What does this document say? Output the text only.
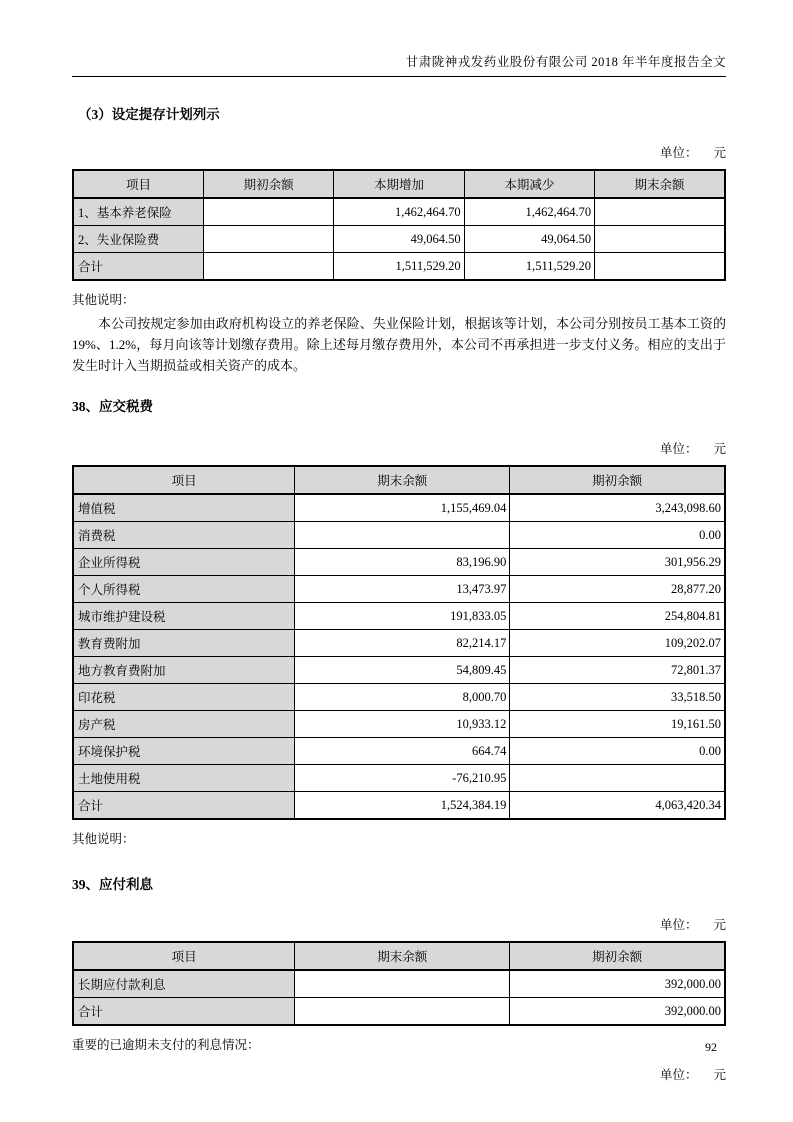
甘肃陇神戎发药业股份有限公司 2018 年半年度报告全文
（3）设定提存计划列示
单位： 元
项目	期初余额	本期增加	本期减少	期末余额
1、基本养老保险		1,462,464.70	1,462,464.70	
2、失业保险费		49,064.50	49,064.50	
合计		1,511,529.20	1,511,529.20	
其他说明：
本公司按规定参加由政府机构设立的养老保险、失业保险计划，根据该等计划，本公司分别按员工基本工资的19%、1.2%，每月向该等计划缴存费用。除上述每月缴存费用外，本公司不再承担进一步支付义务。相应的支出于发生时计入当期损益或相关资产的成本。
38、应交税费
单位： 元
项目	期末余额	期初余额
增值税	1,155,469.04	3,243,098.60
消费税		0.00
企业所得税	83,196.90	301,956.29
个人所得税	13,473.97	28,877.20
城市维护建设税	191,833.05	254,804.81
教育费附加	82,214.17	109,202.07
地方教育费附加	54,809.45	72,801.37
印花税	8,000.70	33,518.50
房产税	10,933.12	19,161.50
环境保护税	664.74	0.00
土地使用税	-76,210.95	
合计	1,524,384.19	4,063,420.34
其他说明：
39、应付利息
单位： 元
项目	期末余额	期初余额
长期应付款利息		392,000.00
合计		392,000.00
重要的已逾期未支付的利息情况：
单位： 元
92
